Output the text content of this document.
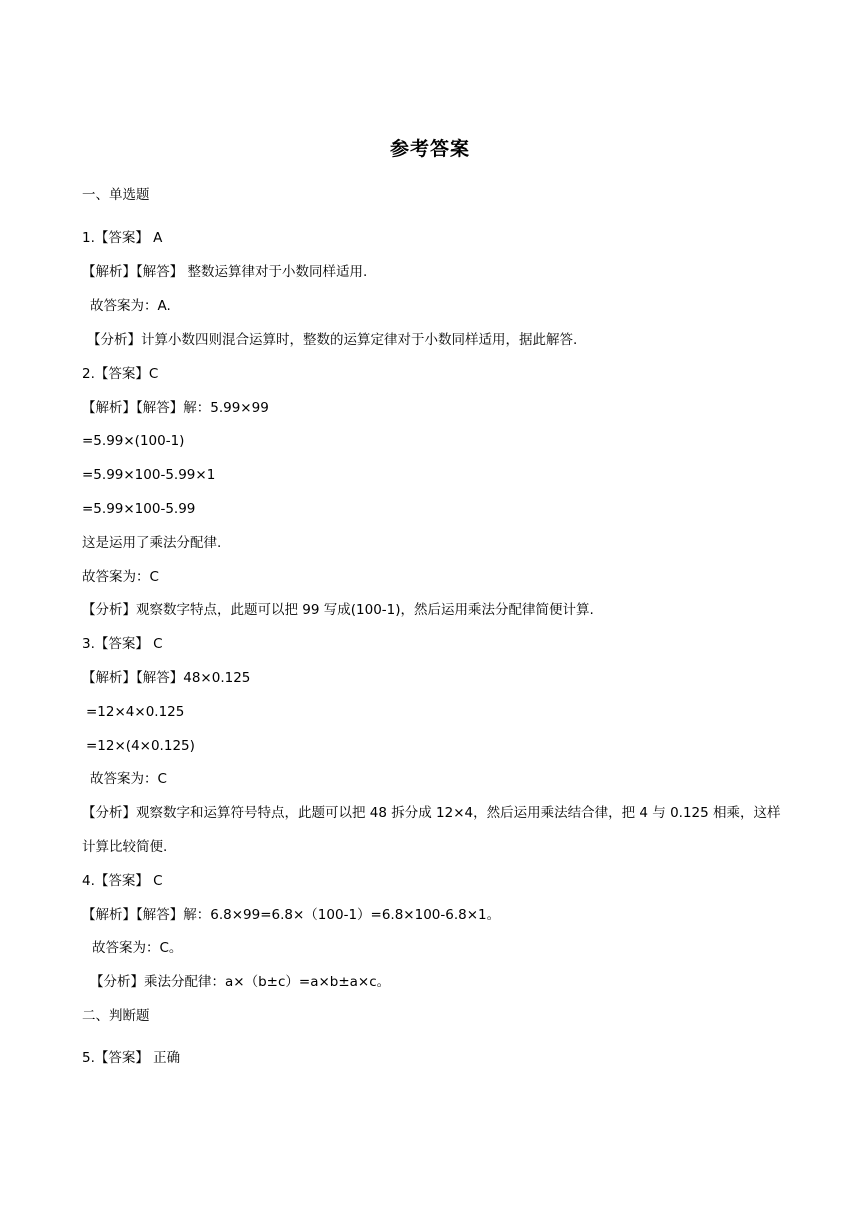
参考答案
一、单选题
1.【答案】 A
【解析】【解答】 整数运算律对于小数同样适用.
故答案为：A.
【分析】计算小数四则混合运算时，整数的运算定律对于小数同样适用，据此解答.
2.【答案】C
【解析】【解答】解：5.99×99
=5.99×(100-1)
=5.99×100-5.99×1
=5.99×100-5.99
这是运用了乘法分配律.
故答案为：C
【分析】观察数字特点，此题可以把 99 写成(100-1)，然后运用乘法分配律简便计算.
3.【答案】 C
【解析】【解答】48×0.125
=12×4×0.125
=12×(4×0.125)
故答案为：C
【分析】观察数字和运算符号特点，此题可以把 48 拆分成 12×4，然后运用乘法结合律，把 4 与 0.125 相乘，这样计算比较简便.
4.【答案】 C
【解析】【解答】解：6.8×99=6.8×（100-1）=6.8×100-6.8×1。
故答案为：C。
【分析】乘法分配律：a×（b±c）=a×b±a×c。
二、判断题
5.【答案】 正确
